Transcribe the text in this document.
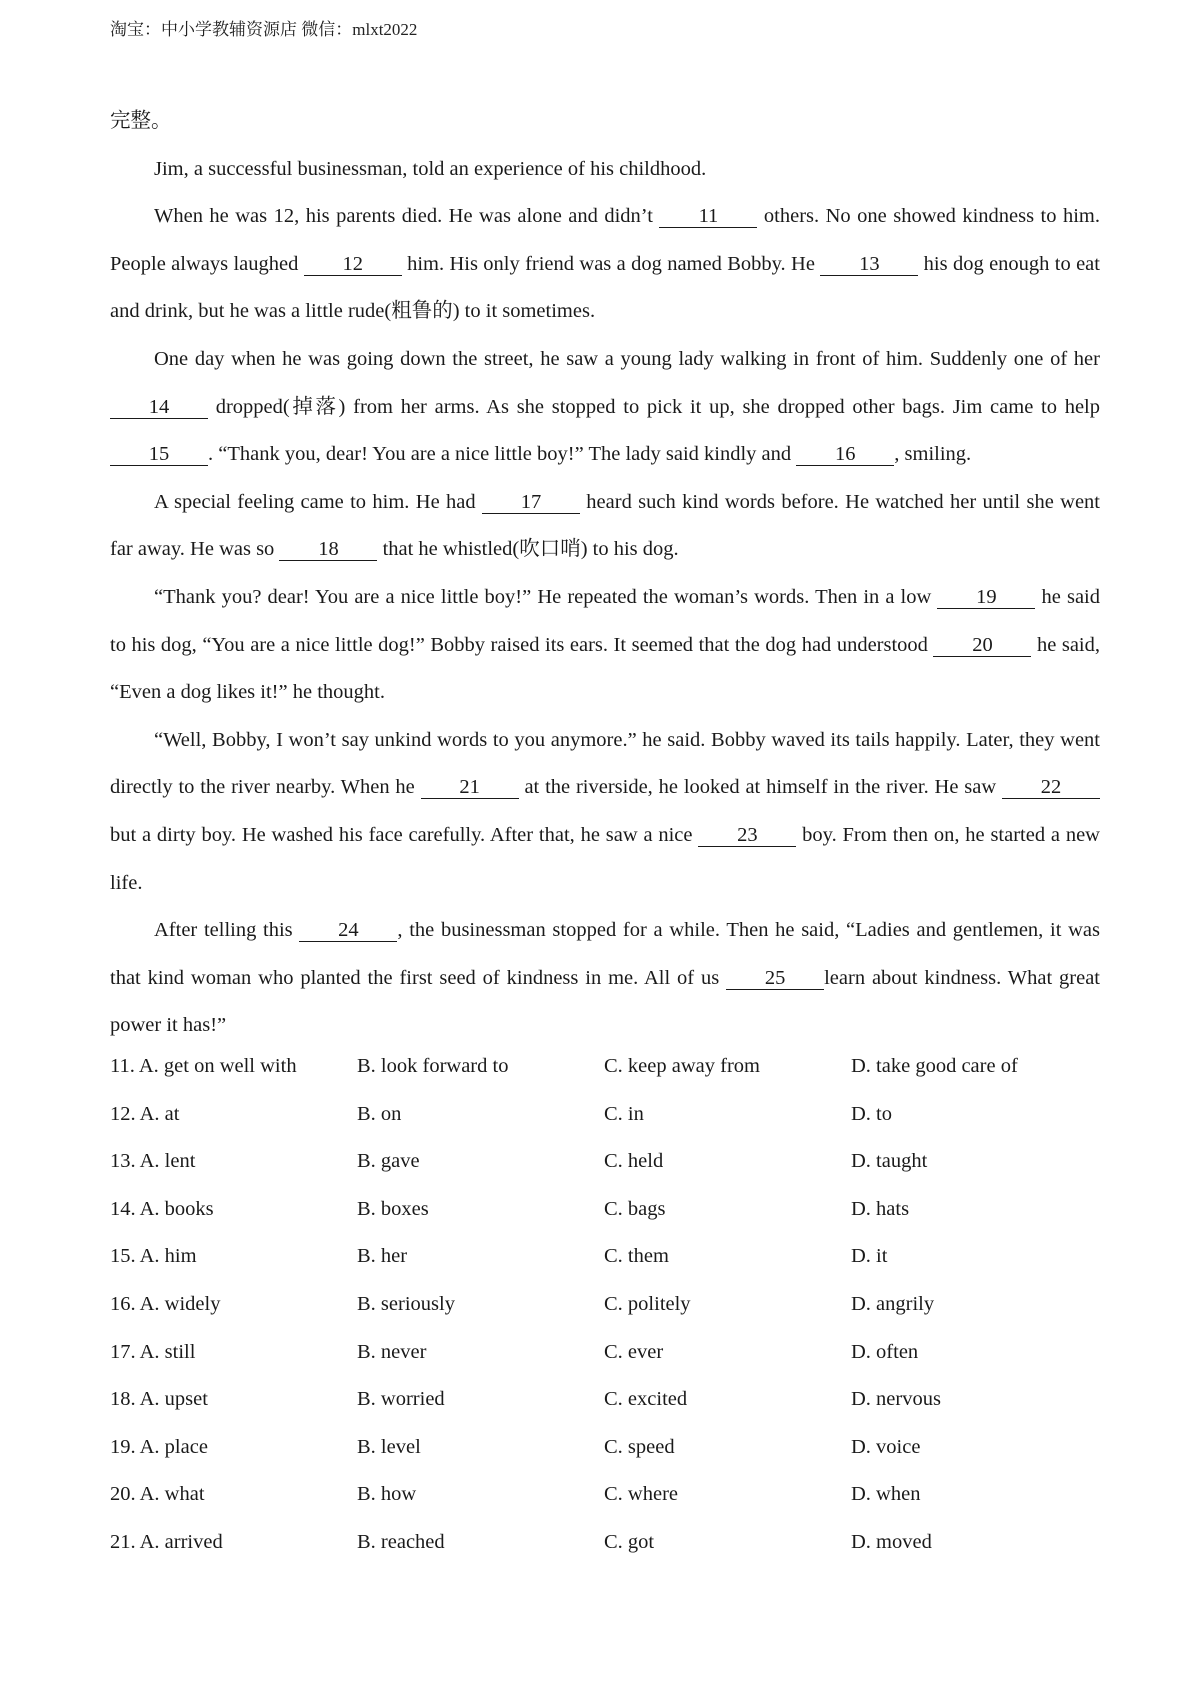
淘宝：中小学教辅资源店 微信：mlxt2022

完整。

Jim, a successful businessman, told an experience of his childhood.

When he was 12, his parents died. He was alone and didn’t 11 others. No one showed kindness to him. People always laughed 12 him. His only friend was a dog named Bobby. He 13 his dog enough to eat and drink, but he was a little rude(粗鲁的) to it sometimes.

One day when he was going down the street, he saw a young lady walking in front of him. Suddenly one of her 14 dropped(掉落) from her arms. As she stopped to pick it up, she dropped other bags. Jim came to help 15 . “Thank you, dear! You are a nice little boy!” The lady said kindly and 16 , smiling.

A special feeling came to him. He had 17 heard such kind words before. He watched her until she went far away. He was so 18 that he whistled(吹口哨) to his dog.

“Thank you? dear! You are a nice little boy!” He repeated the woman’s words. Then in a low 19 he said to his dog, “You are a nice little dog!” Bobby raised its ears. It seemed that the dog had understood 20 he said, “Even a dog likes it!” he thought.

“Well, Bobby, I won’t say unkind words to you anymore.” he said. Bobby waved its tails happily. Later, they went directly to the river nearby. When he 21 at the riverside, he looked at himself in the river. He saw 22 but a dirty boy. He washed his face carefully. After that, he saw a nice 23 boy. From then on, he started a new life.

After telling this 24 , the businessman stopped for a while. Then he said, “Ladies and gentlemen, it was that kind woman who planted the first seed of kindness in me. All of us 25 learn about kindness. What great power it has!”

11. A. get on well with	B. look forward to	C. keep away from	D. take good care of
12. A. at	B. on	C. in	D. to
13. A. lent	B. gave	C. held	D. taught
14. A. books	B. boxes	C. bags	D. hats
15. A. him	B. her	C. them	D. it
16. A. widely	B. seriously	C. politely	D. angrily
17. A. still	B. never	C. ever	D. often
18. A. upset	B. worried	C. excited	D. nervous
19. A. place	B. level	C. speed	D. voice
20. A. what	B. how	C. where	D. when
21. A. arrived	B. reached	C. got	D. moved
